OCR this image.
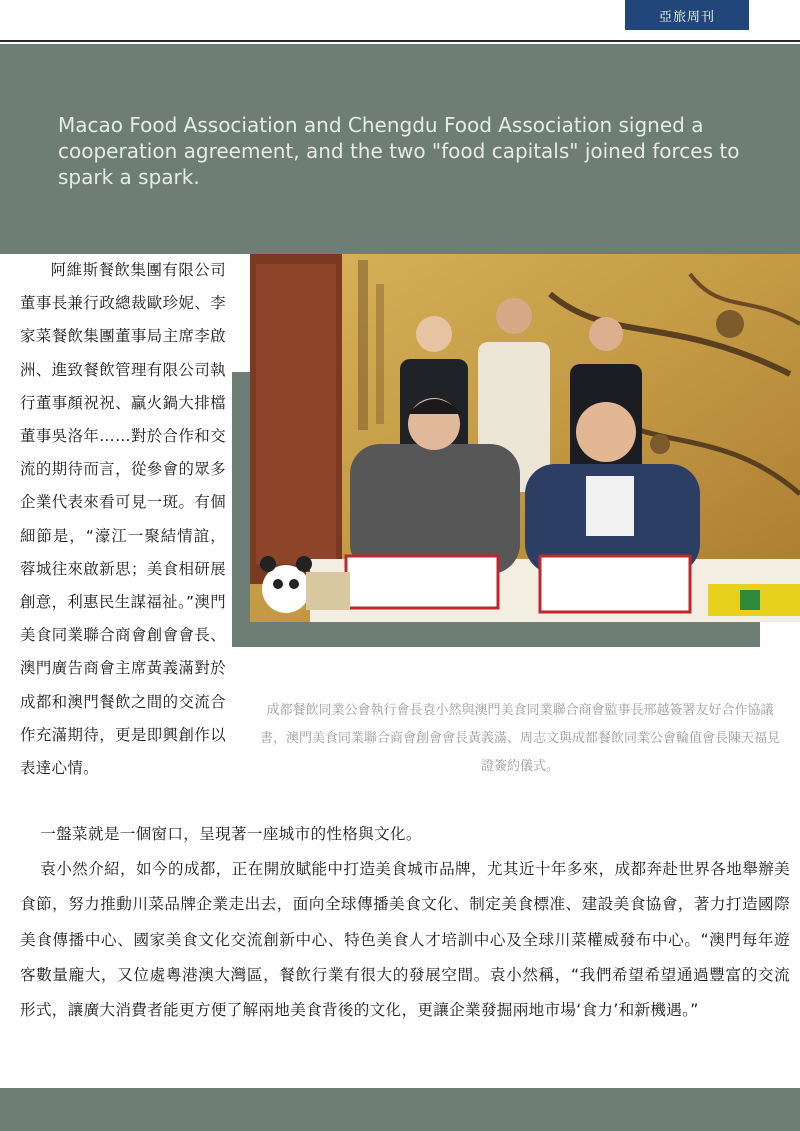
亞旅周刊
Macao Food Association and Chengdu Food Association signed a cooperation agreement, and the two "food capitals" joined forces to spark a spark.

阿維斯餐飲集團有限公司董事長兼行政總裁歐珍妮、李家菜餐飲集團董事局主席李啟洲、進致餐飲管理有限公司執行董事顏祝祝、贏火鍋大排檔董事吳洛年……對於合作和交流的期待而言，從參會的眾多企業代表來看可見一斑。有個細節是，“濠江一聚結情誼，蓉城往來啟新思；美食相研展創意，利惠民生謀福祉。”澳門美食同業聯合商會創會會長、澳門廣告商會主席黃義滿對於成都和澳門餐飲之間的交流合作充滿期待，更是即興創作以表達心情。

成都餐飲同業公會執行會長袁小然與澳門美食同業聯合商會監事長邢越簽署友好合作協議書，澳門美食同業聯合商會創會會長黃義滿、周志文與成都餐飲同業公會輪值會長陳天福見證簽約儀式。

一盤菜就是一個窗口，呈現著一座城市的性格與文化。

袁小然介紹，如今的成都，正在開放賦能中打造美食城市品牌，尤其近十年多來，成都奔赴世界各地舉辦美食節，努力推動川菜品牌企業走出去，面向全球傳播美食文化、制定美食標准、建設美食協會，著力打造國際美食傳播中心、國家美食文化交流創新中心、特色美食人才培訓中心及全球川菜權威發布中心。“澳門每年遊客數量龐大，又位處粵港澳大灣區，餐飲行業有很大的發展空間。袁小然稱，“我們希望希望通過豐富的交流形式，讓廣大消費者能更方便了解兩地美食背後的文化，更讓企業發掘兩地市場‘食力’和新機遇。”
